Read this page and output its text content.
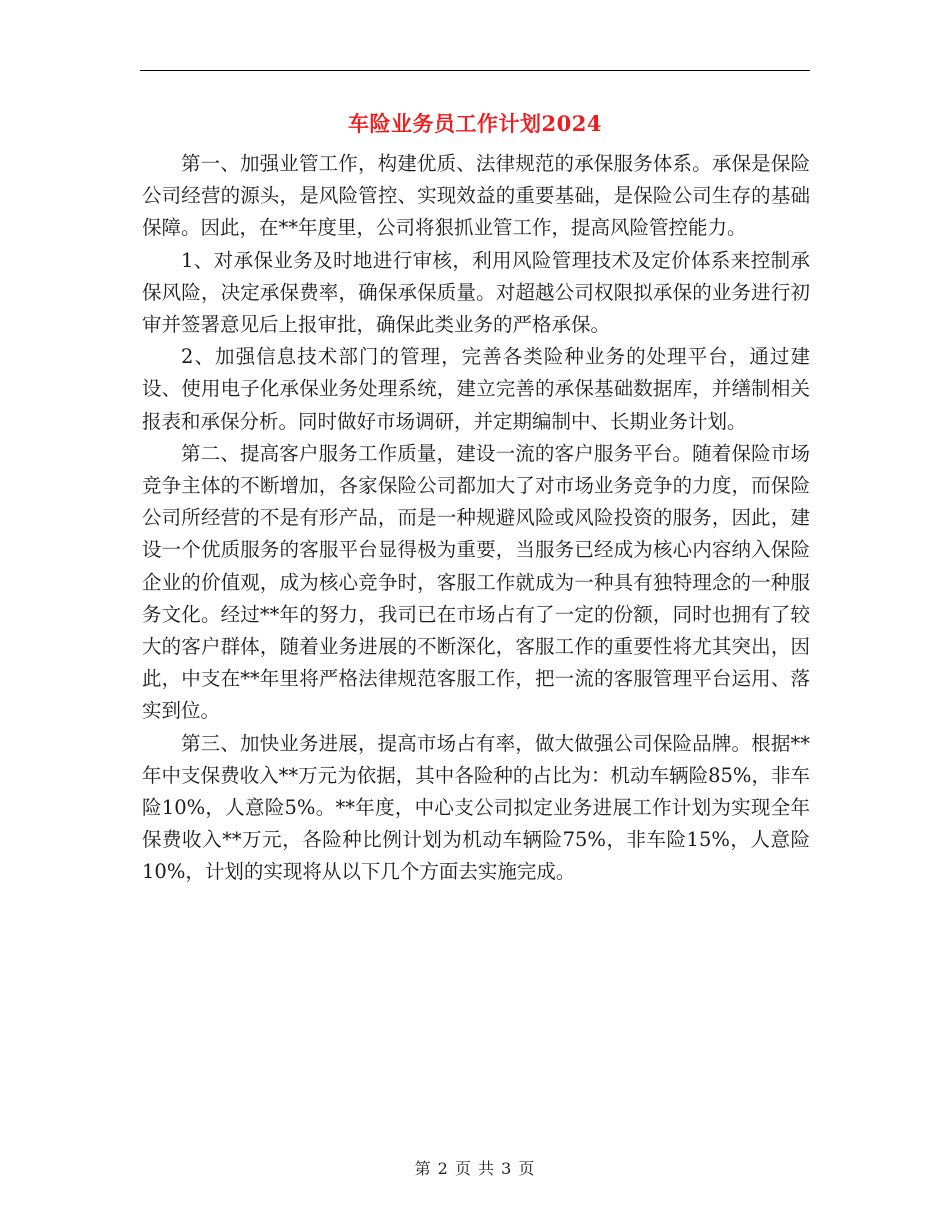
车险业务员工作计划2024

第一、加强业管工作，构建优质、法律规范的承保服务体系。承保是保险公司经营的源头，是风险管控、实现效益的重要基础，是保险公司生存的基础保障。因此，在**年度里，公司将狠抓业管工作，提高风险管控能力。

1、对承保业务及时地进行审核，利用风险管理技术及定价体系来控制承保风险，决定承保费率，确保承保质量。对超越公司权限拟承保的业务进行初审并签署意见后上报审批，确保此类业务的严格承保。

2、加强信息技术部门的管理，完善各类险种业务的处理平台，通过建设、使用电子化承保业务处理系统，建立完善的承保基础数据库，并缮制相关报表和承保分析。同时做好市场调研，并定期编制中、长期业务计划。

第二、提高客户服务工作质量，建设一流的客户服务平台。随着保险市场竞争主体的不断增加，各家保险公司都加大了对市场业务竞争的力度，而保险公司所经营的不是有形产品，而是一种规避风险或风险投资的服务，因此，建设一个优质服务的客服平台显得极为重要，当服务已经成为核心内容纳入保险企业的价值观，成为核心竞争时，客服工作就成为一种具有独特理念的一种服务文化。经过**年的努力，我司已在市场占有了一定的份额，同时也拥有了较大的客户群体，随着业务进展的不断深化，客服工作的重要性将尤其突出，因此，中支在**年里将严格法律规范客服工作，把一流的客服管理平台运用、落实到位。

第三、加快业务进展，提高市场占有率，做大做强公司保险品牌。根据**年中支保费收入**万元为依据，其中各险种的占比为：机动车辆险85%，非车险10%，人意险5%。**年度，中心支公司拟定业务进展工作计划为实现全年保费收入**万元，各险种比例计划为机动车辆险75%，非车险15%，人意险10%，计划的实现将从以下几个方面去实施完成。

第 2 页 共 3 页
